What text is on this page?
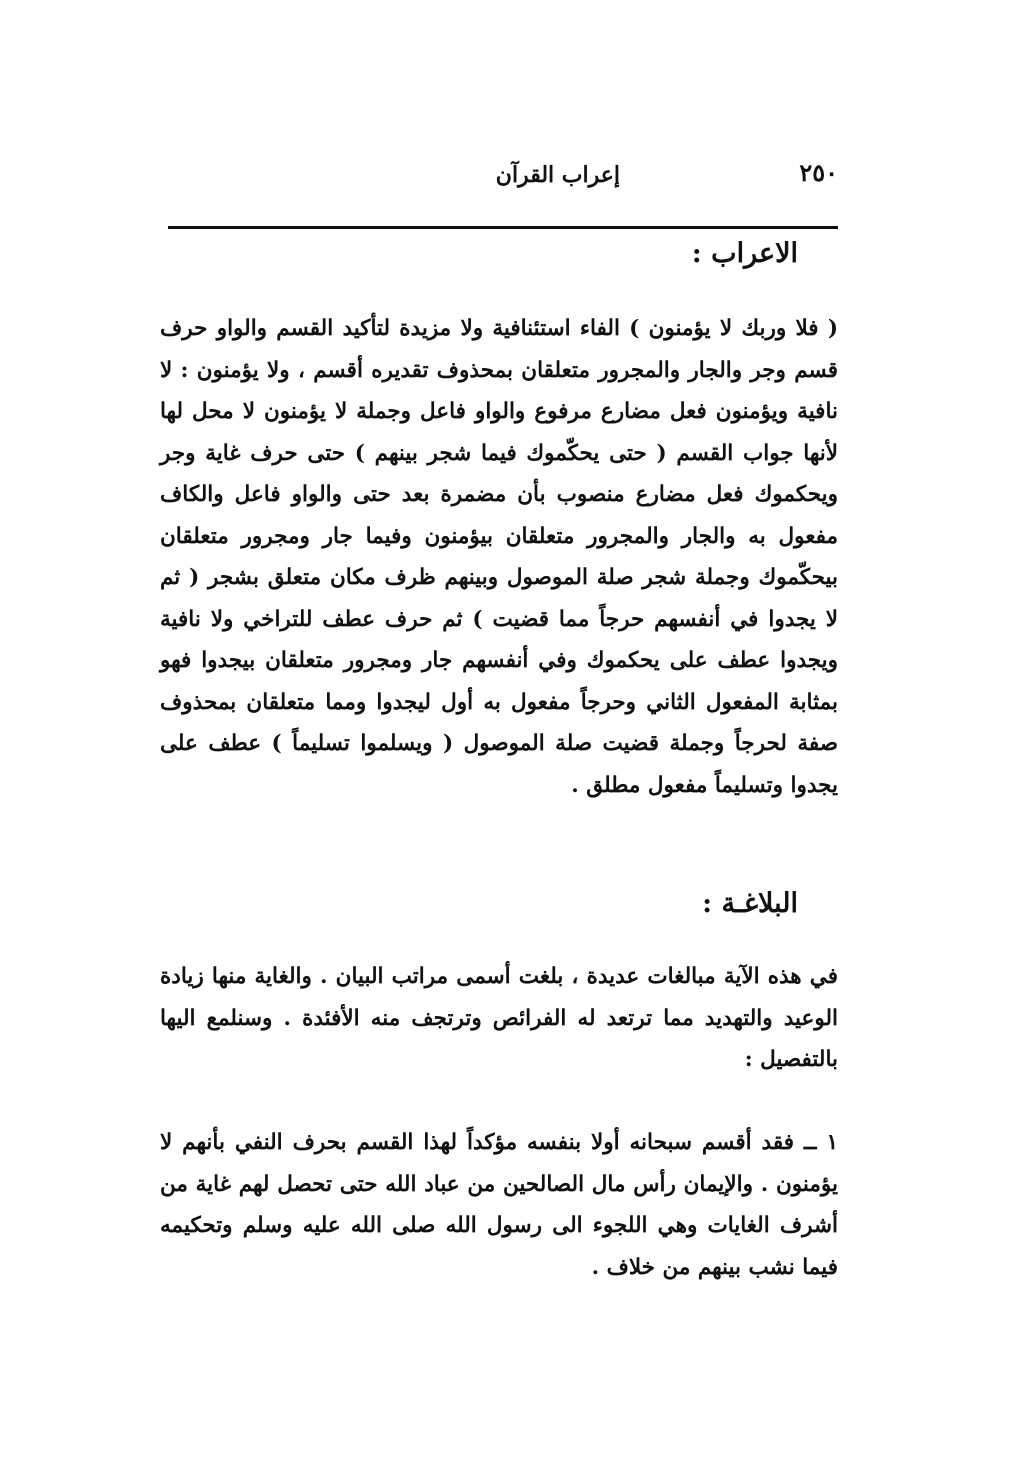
٢٥٠
إعراب القرآن
الاعراب :

( فلا وربك لا يؤمنون ) الفاء استئنافية ولا مزيدة لتأكيد القسم والواو حرف قسم وجر والجار والمجرور متعلقان بمحذوف تقديره أقسم ، ولا يؤمنون : لا نافية ويؤمنون فعل مضارع مرفوع والواو فاعل وجملة لا يؤمنون لا محل لها لأنها جواب القسم ( حتى يحكّموك فيما شجر بينهم ) حتى حرف غاية وجر ويحكموك فعل مضارع منصوب بأن مضمرة بعد حتى والواو فاعل والكاف مفعول به والجار والمجرور متعلقان بيؤمنون وفيما جار ومجرور متعلقان بيحكّموك وجملة شجر صلة الموصول وبينهم ظرف مكان متعلق بشجر ( ثم لا يجدوا في أنفسهم حرجاً مما قضيت ) ثم حرف عطف للتراخي ولا نافية ويجدوا عطف على يحكموك وفي أنفسهم جار ومجرور متعلقان بيجدوا فهو بمثابة المفعول الثاني وحرجاً مفعول به أول ليجدوا ومما متعلقان بمحذوف صفة لحرجاً وجملة قضيت صلة الموصول ( ويسلموا تسليماً ) عطف على يجدوا وتسليماً مفعول مطلق .

البلاغـة :

في هذه الآية مبالغات عديدة ، بلغت أسمى مراتب البيان . والغاية منها زيادة الوعيد والتهديد مما ترتعد له الفرائص وترتجف منه الأفئدة . وسنلمع اليها بالتفصيل :

١ ــ فقد أقسم سبحانه أولا بنفسه مؤكداً لهذا القسم بحرف النفي بأنهم لا يؤمنون . والإيمان رأس مال الصالحين من عباد الله حتى تحصل لهم غاية من أشرف الغايات وهي اللجوء الى رسول الله صلى الله عليه وسلم وتحكيمه فيما نشب بينهم من خلاف .
